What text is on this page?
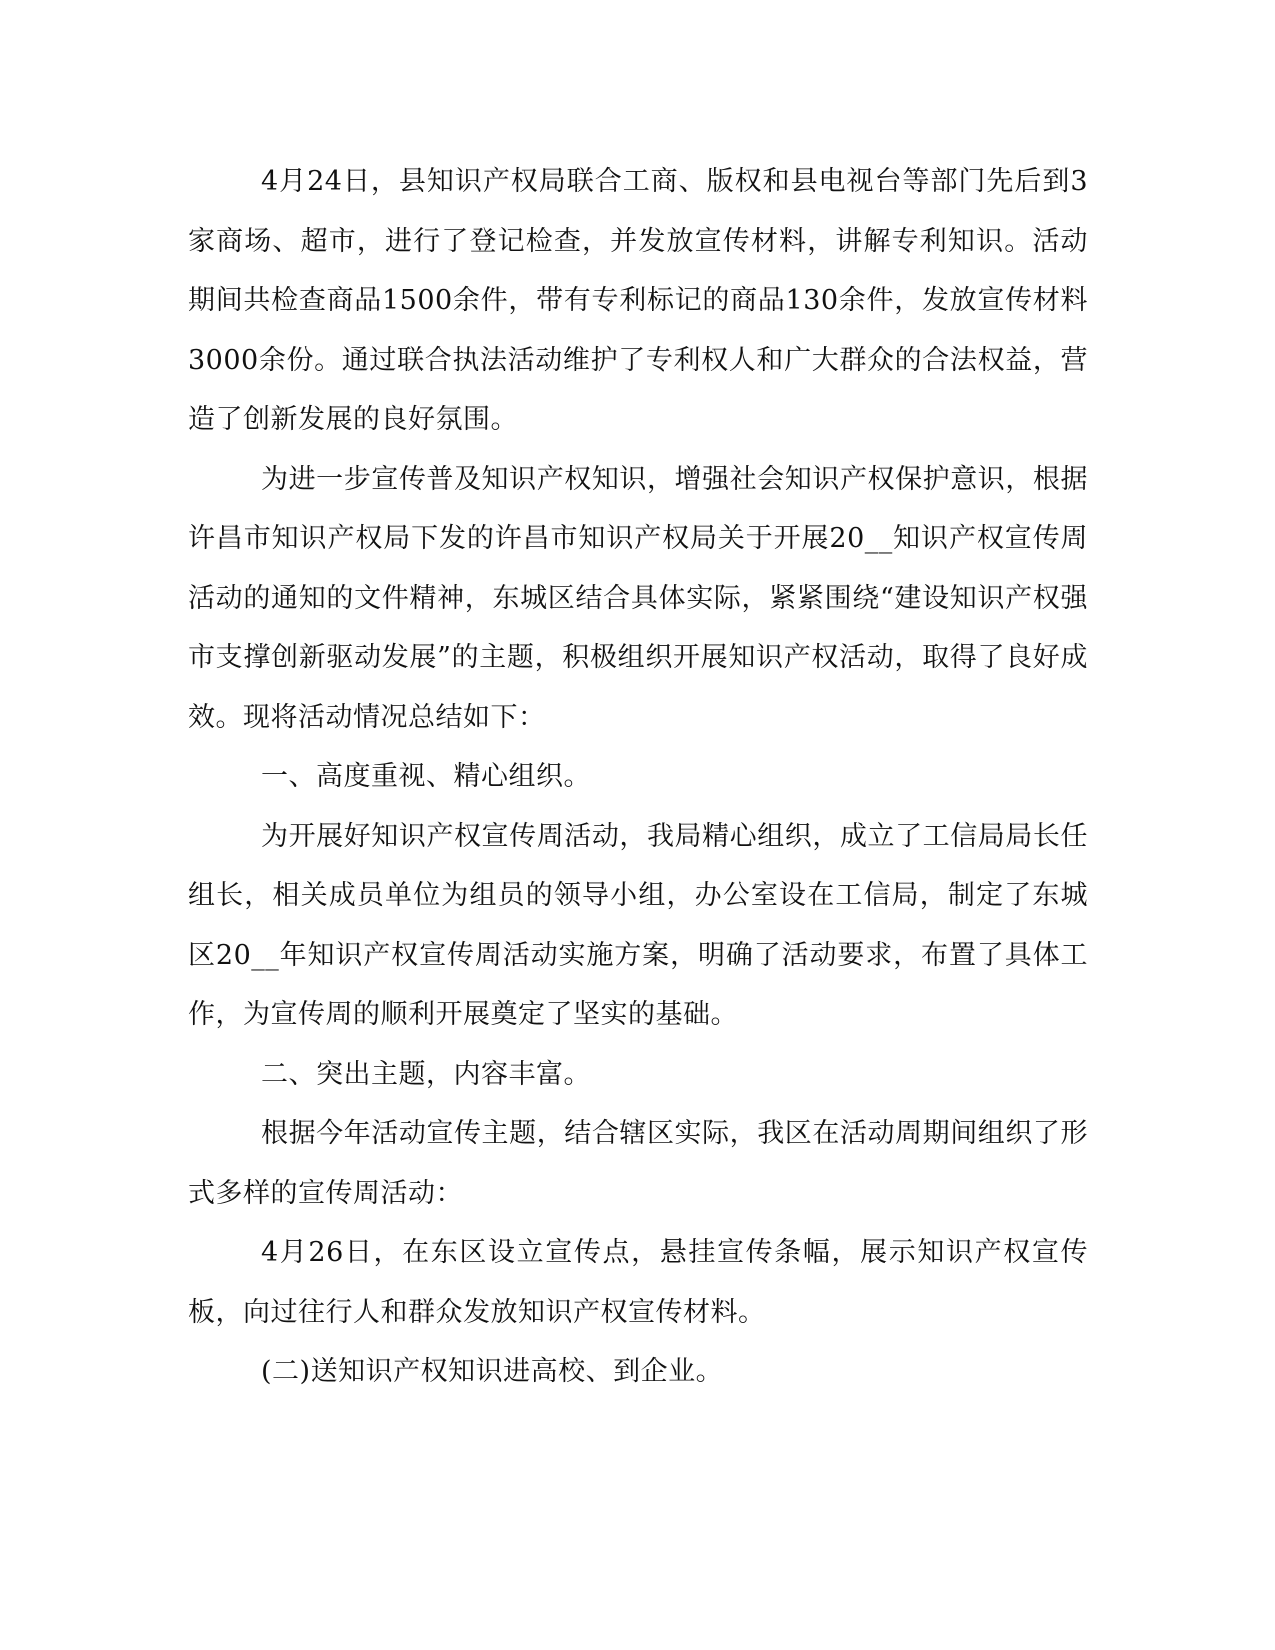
4月24日，县知识产权局联合工商、版权和县电视台等部门先后到3家商场、超市，进行了登记检查，并发放宣传材料，讲解专利知识。活动期间共检查商品1500余件，带有专利标记的商品130余件，发放宣传材料3000余份。通过联合执法活动维护了专利权人和广大群众的合法权益，营造了创新发展的良好氛围。

为进一步宣传普及知识产权知识，增强社会知识产权保护意识，根据许昌市知识产权局下发的许昌市知识产权局关于开展20__知识产权宣传周活动的通知的文件精神，东城区结合具体实际，紧紧围绕“建设知识产权强市支撑创新驱动发展”的主题，积极组织开展知识产权活动，取得了良好成效。现将活动情况总结如下：

一、高度重视、精心组织。

为开展好知识产权宣传周活动，我局精心组织，成立了工信局局长任组长，相关成员单位为组员的领导小组，办公室设在工信局，制定了东城区20__年知识产权宣传周活动实施方案，明确了活动要求，布置了具体工作，为宣传周的顺利开展奠定了坚实的基础。

二、突出主题，内容丰富。

根据今年活动宣传主题，结合辖区实际，我区在活动周期间组织了形式多样的宣传周活动：

4月26日，在东区设立宣传点，悬挂宣传条幅，展示知识产权宣传板，向过往行人和群众发放知识产权宣传材料。

(二)送知识产权知识进高校、到企业。
